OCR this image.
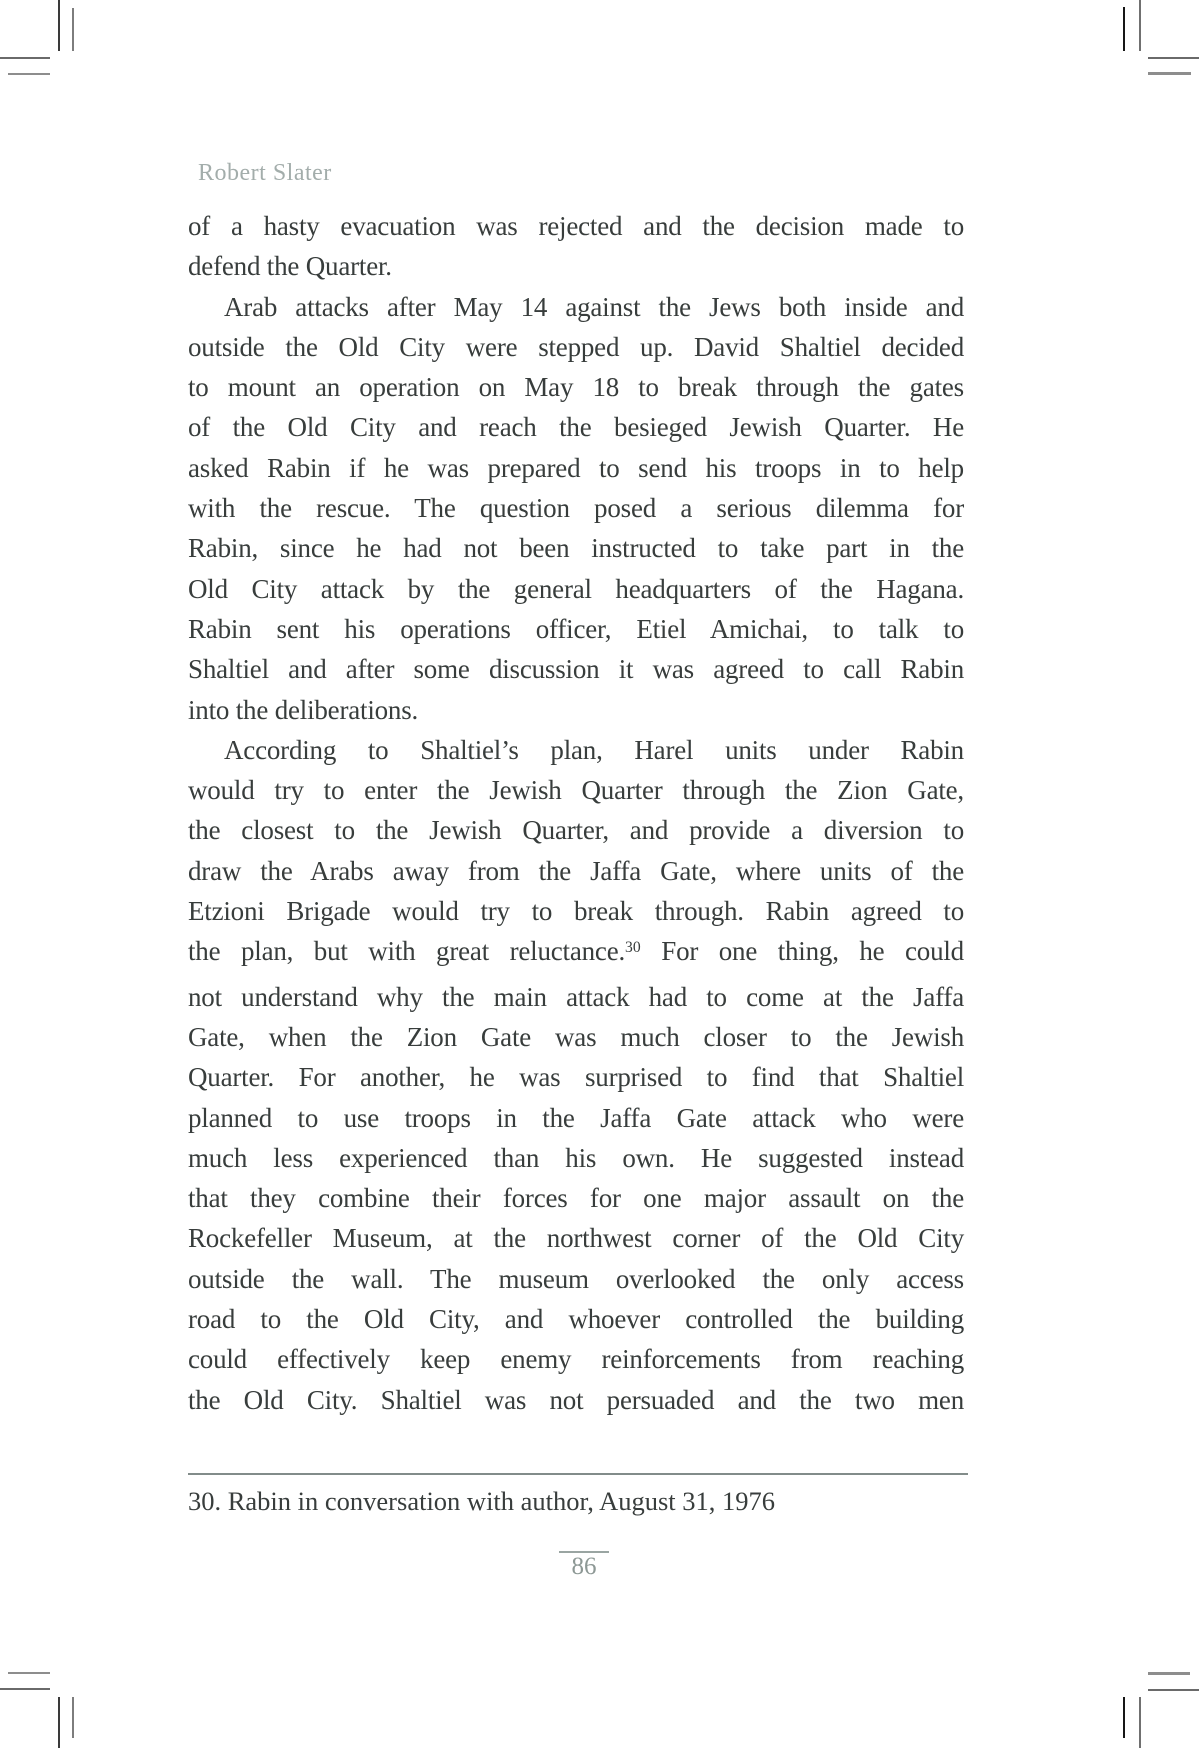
Robert Slater
of a hasty evacuation was rejected and the decision made to
defend the Quarter.
Arab attacks after May 14 against the Jews both inside and
outside the Old City were stepped up. David Shaltiel decided
to mount an operation on May 18 to break through the gates
of the Old City and reach the besieged Jewish Quarter. He
asked Rabin if he was prepared to send his troops in to help
with the rescue. The question posed a serious dilemma for
Rabin, since he had not been instructed to take part in the
Old City attack by the general headquarters of the Hagana.
Rabin sent his operations officer, Etiel Amichai, to talk to
Shaltiel and after some discussion it was agreed to call Rabin
into the deliberations.
According to Shaltiel’s plan, Harel units under Rabin
would try to enter the Jewish Quarter through the Zion Gate,
the closest to the Jewish Quarter, and provide a diversion to
draw the Arabs away from the Jaffa Gate, where units of the
Etzioni Brigade would try to break through. Rabin agreed to
the plan, but with great reluctance.$^{30}$ For one thing, he could
not understand why the main attack had to come at the Jaffa
Gate, when the Zion Gate was much closer to the Jewish
Quarter. For another, he was surprised to find that Shaltiel
planned to use troops in the Jaffa Gate attack who were
much less experienced than his own. He suggested instead
that they combine their forces for one major assault on the
Rockefeller Museum, at the northwest corner of the Old City
outside the wall. The museum overlooked the only access
road to the Old City, and whoever controlled the building
could effectively keep enemy reinforcements from reaching
the Old City. Shaltiel was not persuaded and the two men
30. Rabin in conversation with author, August 31, 1976
86
